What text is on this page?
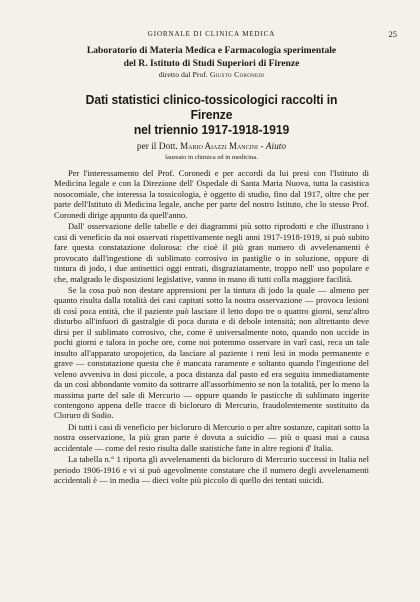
GIORNALE DI CLINICA MEDICA	25
Laboratorio di Materia Medica e Farmacologia sperimentale
del R. Istituto di Studi Superiori di Firenze
diretto dal Prof. Giusto Coronedi
Dati statistici clinico-tossicologici raccolti in Firenze
nel triennio 1917-1918-1919
per il Dott. Mario Aiazzi Mancini - Aiuto
laureato in chimica ed in medicina.

Per l'interessamento del Prof. Coronedi e per accordi da lui presi con l'Istituto di Medicina legale e con la Direzione dell' Ospedale di Santa Maria Nuova, tutta la casistica nosocomiale, che interessa la tossicologia, è oggetto di studio, fino dal 1917, oltre che per parte dell'Istituto di Medicina legale, anche per parte del nostro Istituto, che lo stesso Prof. Coronedi dirige appunto da quell'anno.

Dall' osservazione delle tabelle e dei diagrammi più sotto riprodotti e che illustrano i casi di veneficio da noi osservati rispettivamente negli anni 1917-1918-1919, si può subito fare questa constatazione dolorosa: che cioè il più gran numero di avvelenamenti è provocato dall'ingestione di sublimato corrosivo in pastiglie o in soluzione, oppure di tintura di jodo, i due antisettici oggi entrati, disgraziatamente, troppo nell' uso popolare e che, malgrado le disposizioni legislative, vanno in mano di tutti colla maggiore facilità.

Se la cosa può non destare apprensioni per la tintura di jodo la quale — almeno per quanto risulta dalla totalità dei casi capitati sotto la nostra osservazione — provoca lesioni di così poca entità, che il paziente può lasciare il letto dopo tre o quattro giorni, senz'altro disturbo all'infuori di gastralgie di poca durata e di debole intensità; non altrettanto deve dirsi per il sublimato corrosivo, che, come è universalmente noto, quando non uccide in pochi giorni e talora in poche ore, come noi potemmo osservare in varî casi, reca un tale insulto all'apparato uropojetico, da lasciare al paziente i reni lesi in modo permanente e grave — constatazione questa che è mancata raramente e soltanto quando l'ingestione del veleno avveniva in dosi piccole, a poca distanza dal pasto ed era seguita immediatamente da un così abbondante vomito da sottrarre all'assorbimento se non la totalità, per lo meno la massima parte del sale di Mercurio — oppure quando le pasticche di sublimato ingerite contengono appena delle tracce di bicloruro di Mercurio, fraudolentemente sostituito da Cloruro di Sodio.

Di tutti i casi di veneficio per bicloruro di Mercurio o per altre sostanze, capitati sotto la nostra osservazione, la più gran parte è dovuta a suicidio — più o quasi mai a causa accidentale — come del resto risulta dalle statistiche fatte in altre regioni d' Italia.

La tabella n.° 1 riporta gli avvelenamenti da bicloruro di Mercurio successi in Italia nel periodo 1906-1916 e vi si può agevolmente constatare che il numero degli avvelenamenti accidentali è — in media — dieci volte più piccolo di quello dei tentati suicidi.
